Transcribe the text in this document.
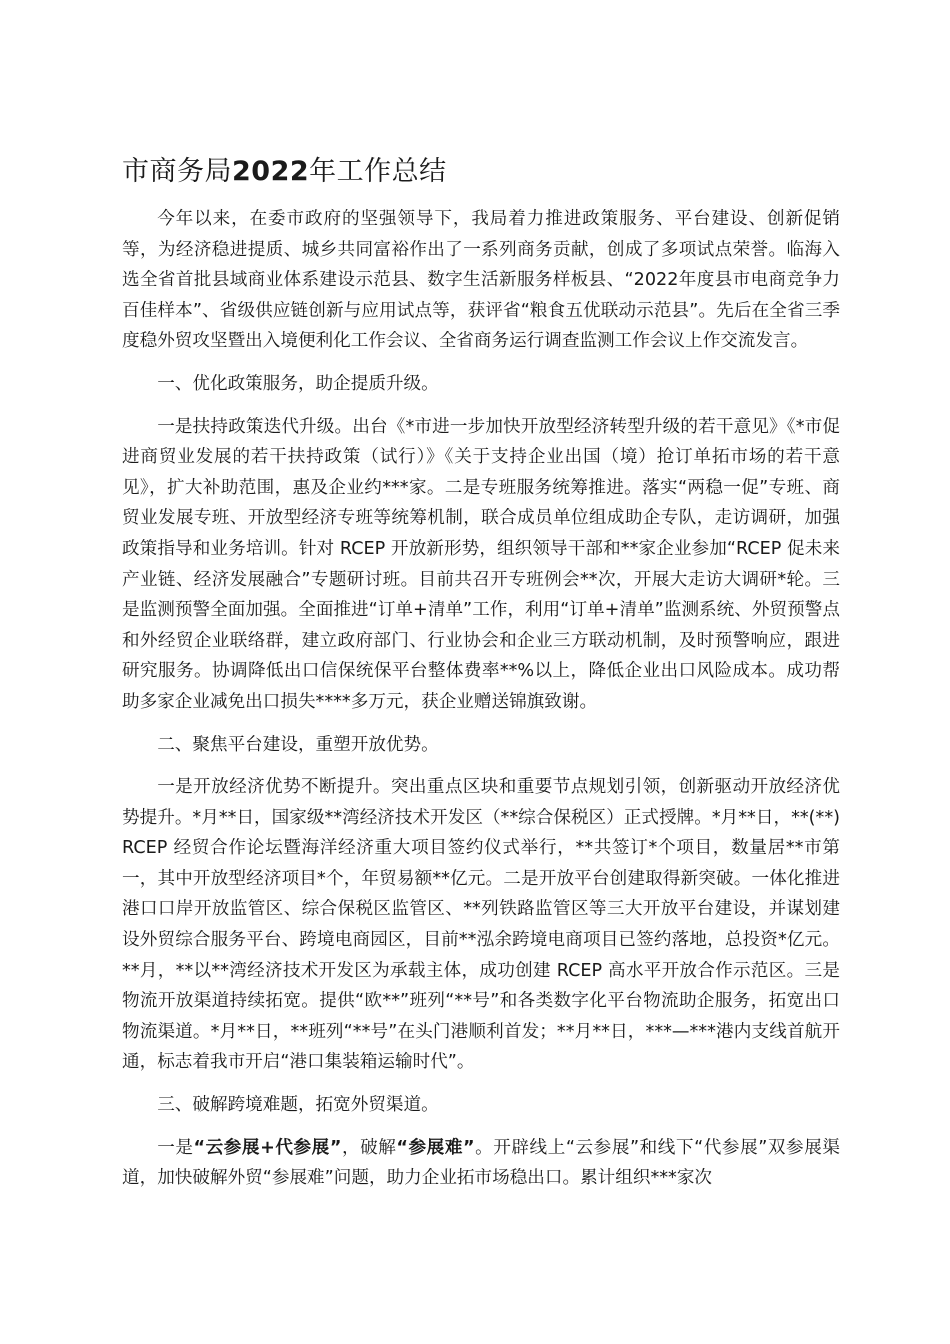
市商务局2022年工作总结

今年以来，在委市政府的坚强领导下，我局着力推进政策服务、平台建设、创新促销等，为经济稳进提质、城乡共同富裕作出了一系列商务贡献，创成了多项试点荣誉。临海入选全省首批县域商业体系建设示范县、数字生活新服务样板县、“2022年度县市电商竞争力百佳样本”、省级供应链创新与应用试点等，获评省“粮食五优联动示范县”。先后在全省三季度稳外贸攻坚暨出入境便利化工作会议、全省商务运行调查监测工作会议上作交流发言。

一、优化政策服务，助企提质升级。

一是扶持政策迭代升级。出台《*市进一步加快开放型经济转型升级的若干意见》《*市促进商贸业发展的若干扶持政策（试行）》《关于支持企业出国（境）抢订单拓市场的若干意见》，扩大补助范围，惠及企业约***家。二是专班服务统筹推进。落实“两稳一促”专班、商贸业发展专班、开放型经济专班等统筹机制，联合成员单位组成助企专队，走访调研，加强政策指导和业务培训。针对 RCEP 开放新形势，组织领导干部和**家企业参加“RCEP 促未来产业链、经济发展融合”专题研讨班。目前共召开专班例会**次，开展大走访大调研*轮。三是监测预警全面加强。全面推进“订单+清单”工作，利用“订单+清单”监测系统、外贸预警点和外经贸企业联络群，建立政府部门、行业协会和企业三方联动机制，及时预警响应，跟进研究服务。协调降低出口信保统保平台整体费率**%以上，降低企业出口风险成本。成功帮助多家企业减免出口损失****多万元，获企业赠送锦旗致谢。

二、聚焦平台建设，重塑开放优势。

一是开放经济优势不断提升。突出重点区块和重要节点规划引领，创新驱动开放经济优势提升。*月**日，国家级**湾经济技术开发区（**综合保税区）正式授牌。*月**日，**(**)RCEP 经贸合作论坛暨海洋经济重大项目签约仪式举行，**共签订*个项目，数量居**市第一，其中开放型经济项目*个，年贸易额**亿元。二是开放平台创建取得新突破。一体化推进港口口岸开放监管区、综合保税区监管区、**列铁路监管区等三大开放平台建设，并谋划建设外贸综合服务平台、跨境电商园区，目前**泓余跨境电商项目已签约落地，总投资*亿元。**月，**以**湾经济技术开发区为承载主体，成功创建 RCEP 高水平开放合作示范区。三是物流开放渠道持续拓宽。提供“欧**”班列“**号”和各类数字化平台物流助企服务，拓宽出口物流渠道。*月**日，**班列“**号”在头门港顺利首发；**月**日，***—***港内支线首航开通，标志着我市开启“港口集装箱运输时代”。

三、破解跨境难题，拓宽外贸渠道。

一是“云参展+代参展”，破解“参展难”。开辟线上“云参展”和线下“代参展”双参展渠道，加快破解外贸“参展难”问题，助力企业拓市场稳出口。累计组织***家次
